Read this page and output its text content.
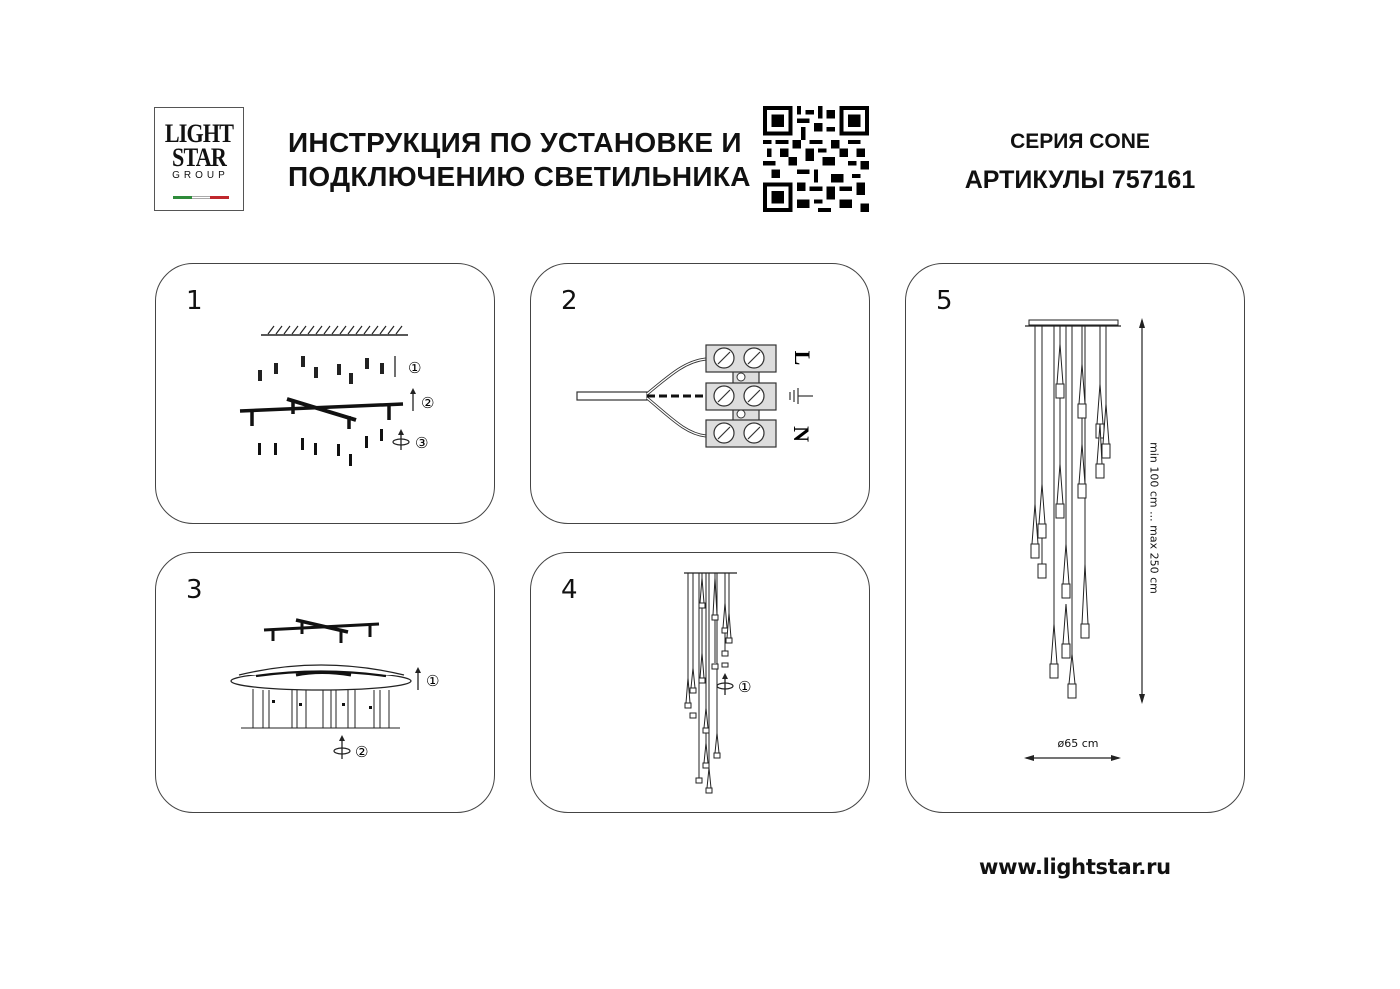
LIGHT
STAR
GROUP
ИНСТРУКЦИЯ ПО УСТАНОВКЕ И
ПОДКЛЮЧЕНИЮ СВЕТИЛЬНИКА
СЕРИЯ CONE
АРТИКУЛЫ 757161
1
①
②
③
2
L
N
3
①
②
4
①
5
min 100 cm ... max 250 cm
ø65 cm
www.lightstar.ru
